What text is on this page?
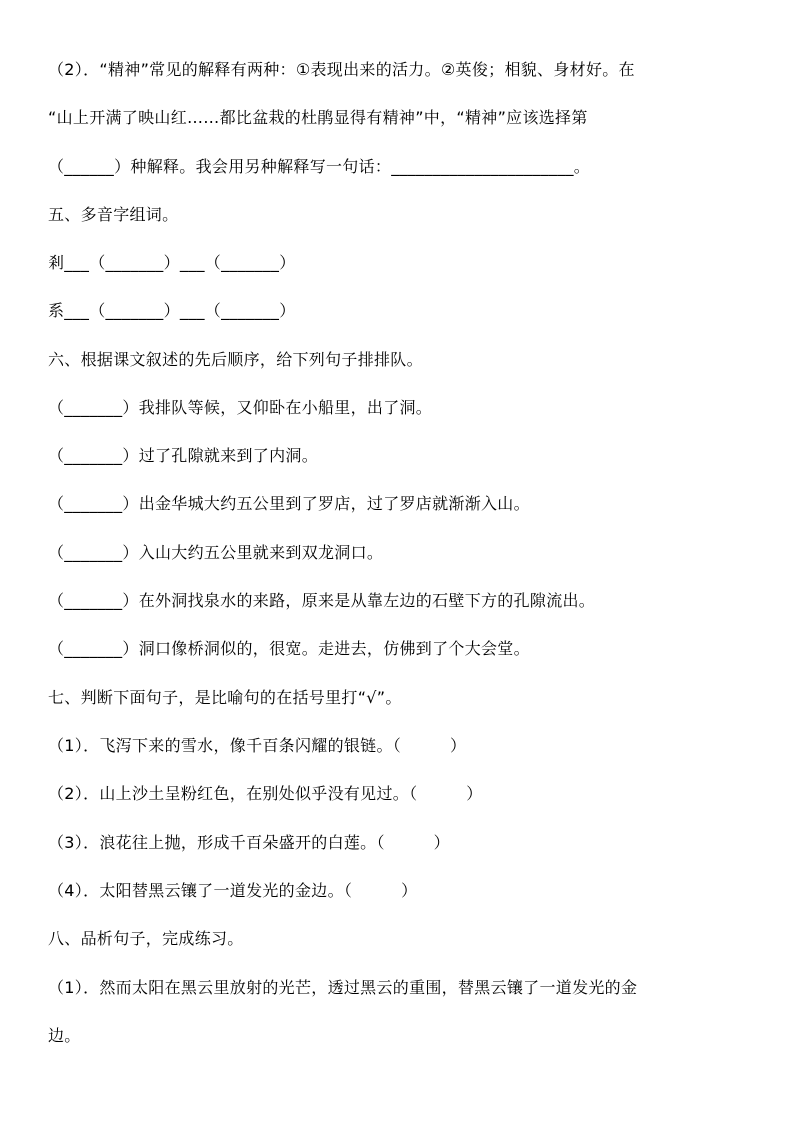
（2）．“精神”常见的解释有两种：①表现出来的活力。②英俊；相貌、身材好。在
“山上开满了映山红……都比盆栽的杜鹃显得有精神”中，“精神”应该选择第
（______）种解释。我会用另种解释写一句话：______________________。
五、多音字组词。
剎___（_______）___（_______）
系___（_______）___（_______）
六、根据课文叙述的先后顺序，给下列句子排排队。
（_______）我排队等候，又仰卧在小船里，出了洞。
（_______）过了孔隙就来到了内洞。
（_______）出金华城大约五公里到了罗店，过了罗店就渐渐入山。
（_______）入山大约五公里就来到双龙洞口。
（_______）在外洞找泉水的来路，原来是从靠左边的石壁下方的孔隙流出。
（_______）洞口像桥洞似的，很宽。走进去，仿佛到了个大会堂。
七、判断下面句子，是比喻句的在括号里打“√”。
（1）．飞泻下来的雪水，像千百条闪耀的银链。（　　　）
（2）．山上沙土呈粉红色，在别处似乎没有见过。（　　　）
（3）．浪花往上抛，形成千百朵盛开的白莲。（　　　）
（4）．太阳替黑云镶了一道发光的金边。（　　　）
八、品析句子，完成练习。
（1）．然而太阳在黑云里放射的光芒，透过黑云的重围，替黑云镶了一道发光的金
边。
